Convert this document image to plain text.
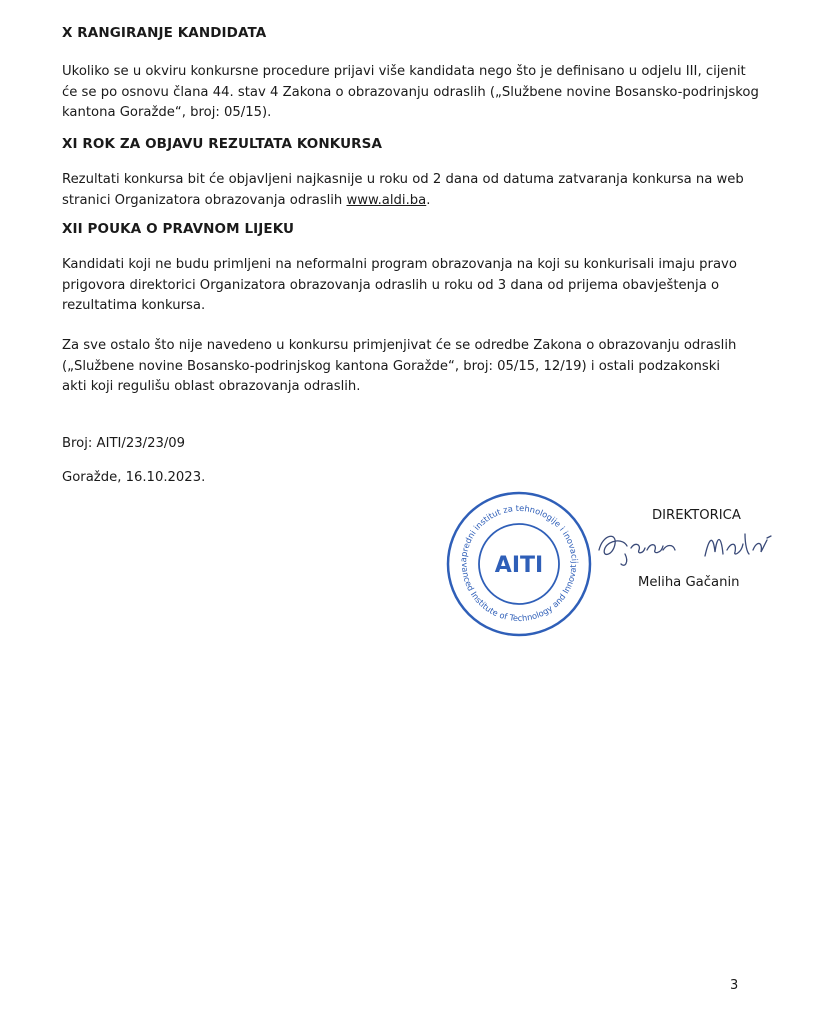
X RANGIRANJE KANDIDATA
Ukoliko se u okviru konkursne procedure prijavi više kandidata nego što je definisano u odjelu III, cijenit
će se po osnovu člana 44. stav 4 Zakona o obrazovanju odraslih („Službene novine Bosansko-podrinjskog
kantona Goražde“, broj: 05/15).
XI ROK ZA OBJAVU REZULTATA KONKURSA
Rezultati konkursa bit će objavljeni najkasnije u roku od 2 dana od datuma zatvaranja konkursa na web
stranici Organizatora obrazovanja odraslih www.aldi.ba.
XII POUKA O PRAVNOM LIJEKU
Kandidati koji ne budu primljeni na neformalni program obrazovanja na koji su konkurisali imaju pravo
prigovora direktorici Organizatora obrazovanja odraslih u roku od 3 dana od prijema obavještenja o
rezultatima konkursa.
Za sve ostalo što nije navedeno u konkursu primjenjivat će se odredbe Zakona o obrazovanju odraslih
(„Službene novine Bosansko-podrinjskog kantona Goražde“, broj: 05/15, 12/19) i ostali podzakonski
akti koji regulišu oblast obrazovanja odraslih.
Broj: AITI/23/23/09
Goražde, 16.10.2023.
apredni institut za tehnologije i inovacij
vanced Institute of Technology and Innovat
AITI
DIREKTORICA
Meliha Gačanin
3
